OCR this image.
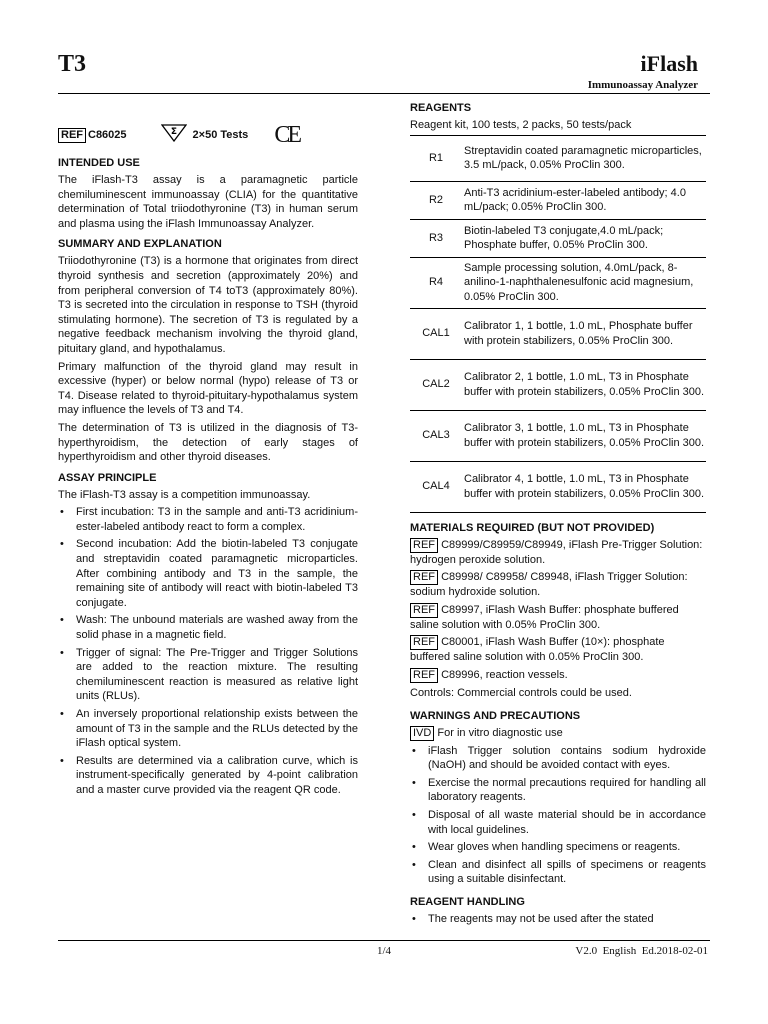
T3	iFlash
Immunoassay Analyzer
REF C86025	Σ 2×50 Tests CE
INTENDED USE

The iFlash-T3 assay is a paramagnetic particle chemiluminescent immunoassay (CLIA) for the quantitative determination of Total triiodothyronine (T3) in human serum and plasma using the iFlash Immunoassay Analyzer.

SUMMARY AND EXPLANATION

Triiodothyronine (T3) is a hormone that originates from direct thyroid synthesis and secretion (approximately 20%) and from peripheral conversion of T4 toT3 (approximately 80%). T3 is secreted into the circulation in response to TSH (thyroid stimulating hormone). The secretion of T3 is regulated by a negative feedback mechanism involving the thyroid gland, pituitary gland, and hypothalamus.

Primary malfunction of the thyroid gland may result in excessive (hyper) or below normal (hypo) release of T3 or T4. Disease related to thyroid-pituitary-hypothalamus system may influence the levels of T3 and T4.

The determination of T3 is utilized in the diagnosis of T3-hyperthyroidism, the detection of early stages of hyperthyroidism and other thyroid diseases.

ASSAY PRINCIPLE

The iFlash-T3 assay is a competition immunoassay.

• First incubation: T3 in the sample and anti-T3 acridinium-ester-labeled antibody react to form a complex.
• Second incubation: Add the biotin-labeled T3 conjugate and streptavidin coated paramagnetic microparticles. After combining antibody and T3 in the sample, the remaining site of antibody will react with biotin-labeled T3 conjugate.
• Wash: The unbound materials are washed away from the solid phase in a magnetic field.
• Trigger of signal: The Pre-Trigger and Trigger Solutions are added to the reaction mixture. The resulting chemiluminescent reaction is measured as relative light units (RLUs).
• An inversely proportional relationship exists between the amount of T3 in the sample and the RLUs detected by the iFlash optical system.
• Results are determined via a calibration curve, which is instrument-specifically generated by 4-point calibration and a master curve provided via the reagent QR code.
REAGENTS
Reagent kit, 100 tests, 2 packs, 50 tests/pack
R1	Streptavidin coated paramagnetic microparticles, 3.5 mL/pack, 0.05% ProClin 300.
R2	Anti-T3 acridinium-ester-labeled antibody; 4.0 mL/pack; 0.05% ProClin 300.
R3	Biotin-labeled T3 conjugate,4.0 mL/pack; Phosphate buffer, 0.05% ProClin 300.
R4	Sample processing solution, 4.0mL/pack, 8-anilino-1-naphthalenesulfonic acid magnesium, 0.05% ProClin 300.
CAL1	Calibrator 1, 1 bottle, 1.0 mL, Phosphate buffer with protein stabilizers, 0.05% ProClin 300.
CAL2	Calibrator 2, 1 bottle, 1.0 mL, T3 in Phosphate buffer with protein stabilizers, 0.05% ProClin 300.
CAL3	Calibrator 3, 1 bottle, 1.0 mL, T3 in Phosphate buffer with protein stabilizers, 0.05% ProClin 300.
CAL4	Calibrator 4, 1 bottle, 1.0 mL, T3 in Phosphate buffer with protein stabilizers, 0.05% ProClin 300.
MATERIALS REQUIRED (BUT NOT PROVIDED)

REF C89999/C89959/C89949, iFlash Pre-Trigger Solution: hydrogen peroxide solution.

REF C89998/ C89958/ C89948, iFlash Trigger Solution: sodium hydroxide solution.

REF C89997, iFlash Wash Buffer: phosphate buffered saline solution with 0.05% ProClin 300.

REF C80001, iFlash Wash Buffer (10×): phosphate buffered saline solution with 0.05% ProClin 300.

REF C89996, reaction vessels.

Controls: Commercial controls could be used.

WARNINGS AND PRECAUTIONS

IVD For in vitro diagnostic use

• iFlash Trigger solution contains sodium hydroxide (NaOH) and should be avoided contact with eyes.
• Exercise the normal precautions required for handling all laboratory reagents.
• Disposal of all waste material should be in accordance with local guidelines.
• Wear gloves when handling specimens or reagents.
• Clean and disinfect all spills of specimens or reagents using a suitable disinfectant.
REAGENT HANDLING
• The reagents may not be used after the stated
1/4	V2.0  English  Ed.2018-02-01
